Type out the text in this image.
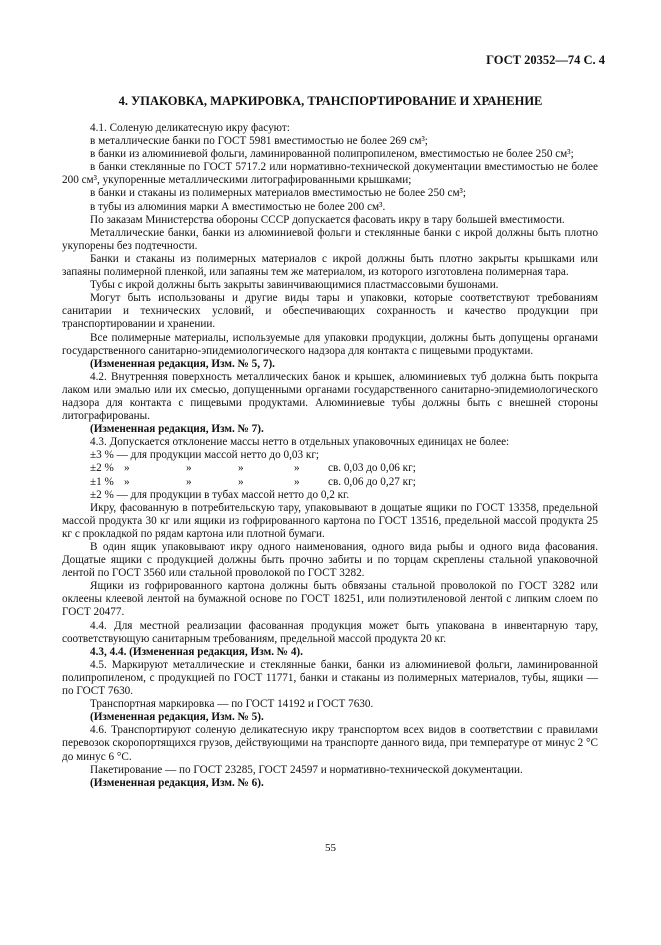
ГОСТ 20352—74 С. 4
4. УПАКОВКА, МАРКИРОВКА, ТРАНСПОРТИРОВАНИЕ И ХРАНЕНИЕ

4.1. Соленую деликатесную икру фасуют:

в металлические банки по ГОСТ 5981 вместимостью не более 269 см³;

в банки из алюминиевой фольги, ламинированной полипропиленом, вместимостью не более 250 см³;

в банки стеклянные по ГОСТ 5717.2 или нормативно-технической документации вместимостью не более 200 см³, укупоренные металлическими литографированными крышками;

в банки и стаканы из полимерных материалов вместимостью не более 250 см³;

в тубы из алюминия марки А вместимостью не более 200 см³.

По заказам Министерства обороны СССР допускается фасовать икру в тару большей вместимости.

Металлические банки, банки из алюминиевой фольги и стеклянные банки с икрой должны быть плотно укупорены без подтечности.

Банки и стаканы из полимерных материалов с икрой должны быть плотно закрыты крышками или запаяны полимерной пленкой, или запаяны тем же материалом, из которого изготовлена полимерная тара.

Тубы с икрой должны быть закрыты завинчивающимися пластмассовыми бушонами.

Могут быть использованы и другие виды тары и упаковки, которые соответствуют требованиям санитарии и технических условий, и обеспечивающих сохранность и качество продукции при транспортировании и хранении.

Все полимерные материалы, используемые для упаковки продукции, должны быть допущены органами государственного санитарно-эпидемиологического надзора для контакта с пищевыми продуктами.

(Измененная редакция, Изм. № 5, 7).

4.2. Внутренняя поверхность металлических банок и крышек, алюминиевых туб должна быть покрыта лаком или эмалью или их смесью, допущенными органами государственного санитарно-эпидемиологического надзора для контакта с пищевыми продуктами. Алюминиевые тубы должны быть с внешней стороны литографированы.

(Измененная редакция, Изм. № 7).

4.3. Допускается отклонение массы нетто в отдельных упаковочных единицах не более:

±3 % — для продукции массой нетто до 0,03 кг;

±2 % »	»	»	»	св. 0,03 до 0,06 кг;
±1 % »	»	»	»	св. 0,06 до 0,27 кг;

±2 % — для продукции в тубах массой нетто до 0,2 кг.

Икру, фасованную в потребительскую тару, упаковывают в дощатые ящики по ГОСТ 13358, предельной массой продукта 30 кг или ящики из гофрированного картона по ГОСТ 13516, предельной массой продукта 25 кг с прокладкой по рядам картона или плотной бумаги.

В один ящик упаковывают икру одного наименования, одного вида рыбы и одного вида фасования. Дощатые ящики с продукцией должны быть прочно забиты и по торцам скреплены стальной упаковочной лентой по ГОСТ 3560 или стальной проволокой по ГОСТ 3282.

Ящики из гофрированного картона должны быть обвязаны стальной проволокой по ГОСТ 3282 или оклеены клеевой лентой на бумажной основе по ГОСТ 18251, или полиэтиленовой лентой с липким слоем по ГОСТ 20477.

4.4. Для местной реализации фасованная продукция может быть упакована в инвентарную тару, соответствующую санитарным требованиям, предельной массой продукта 20 кг.

4.3, 4.4. (Измененная редакция, Изм. № 4).

4.5. Маркируют металлические и стеклянные банки, банки из алюминиевой фольги, ламинированной полипропиленом, с продукцией по ГОСТ 11771, банки и стаканы из полимерных материалов, тубы, ящики — по ГОСТ 7630.

Транспортная маркировка — по ГОСТ 14192 и ГОСТ 7630.

(Измененная редакция, Изм. № 5).

4.6. Транспортируют соленую деликатесную икру транспортом всех видов в соответствии с правилами перевозок скоропортящихся грузов, действующими на транспорте данного вида, при температуре от минус 2 °С до минус 6 °С.

Пакетирование — по ГОСТ 23285, ГОСТ 24597 и нормативно-технической документации.

(Измененная редакция, Изм. № 6).

55
